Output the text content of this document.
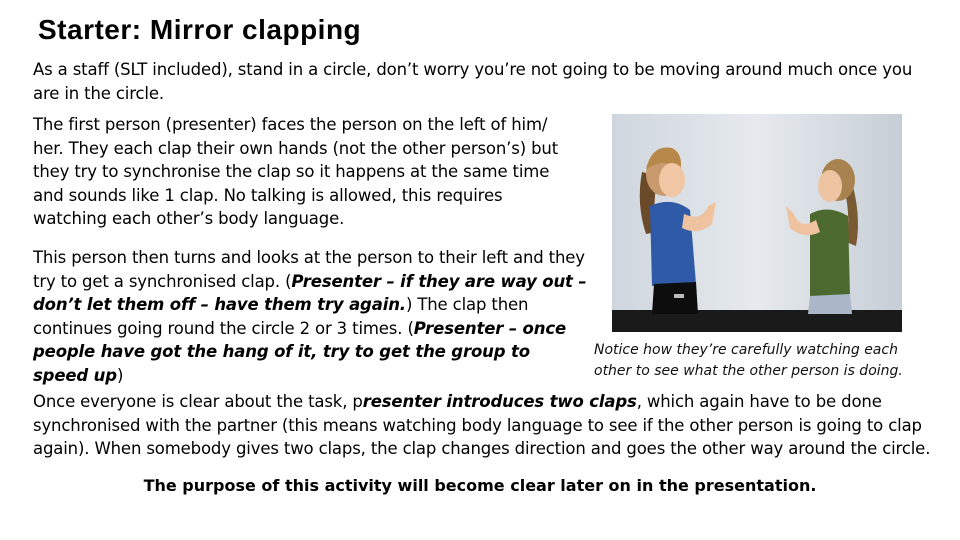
Starter: Mirror clapping
As a staff (SLT included), stand in a circle, don’t worry you’re not going to be moving around much once you are in the circle.
The first person (presenter) faces the person on the left of him/ her. They each clap their own hands (not the other person’s) but they try to synchronise the clap so it happens at the same time and sounds like 1 clap. No talking is allowed, this requires watching each other’s body language.
This person then turns and looks at the person to their left and they try to get a synchronised clap. (Presenter – if they are way out – don’t let them off – have them try again.) The clap then continues going round the circle 2 or 3 times. (Presenter – once people have got the hang of it, try to get the group to speed up)
Notice how they’re carefully watching each other to see what the other person is doing.
Once everyone is clear about the task, presenter introduces two claps, which again have to be done synchronised with the partner (this means watching body language to see if the other person is going to clap again). When somebody gives two claps, the clap changes direction and goes the other way around the circle.
The purpose of this activity will become clear later on in the presentation.
